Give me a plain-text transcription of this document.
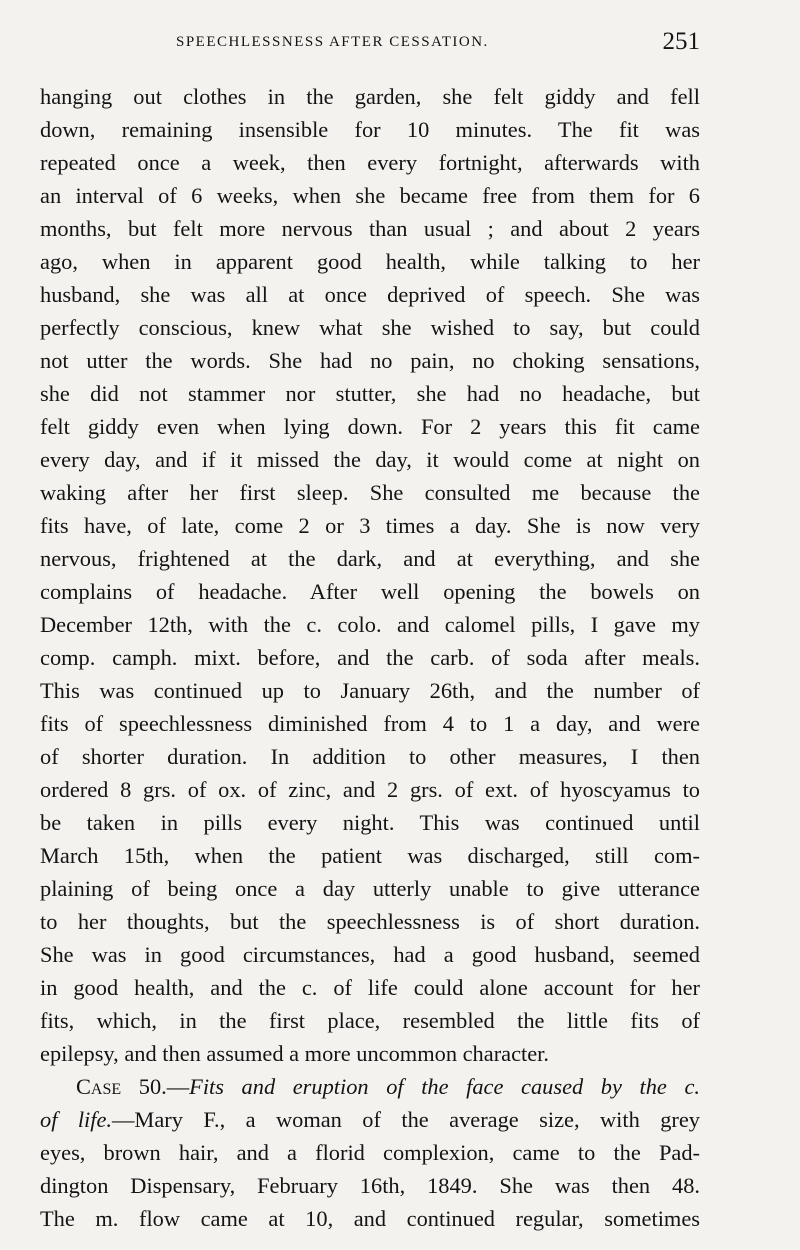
SPEECHLESSNESS AFTER CESSATION.	251
hanging out clothes in the garden, she felt giddy and fell
down, remaining insensible for 10 minutes. The fit was
repeated once a week, then every fortnight, afterwards with
an interval of 6 weeks, when she became free from them for 6
months, but felt more nervous than usual ; and about 2 years
ago, when in apparent good health, while talking to her
husband, she was all at once deprived of speech. She was
perfectly conscious, knew what she wished to say, but could
not utter the words. She had no pain, no choking sensations,
she did not stammer nor stutter, she had no headache, but
felt giddy even when lying down. For 2 years this fit came
every day, and if it missed the day, it would come at night on
waking after her first sleep. She consulted me because the
fits have, of late, come 2 or 3 times a day. She is now very
nervous, frightened at the dark, and at everything, and she
complains of headache. After well opening the bowels on
December 12th, with the c. colo. and calomel pills, I gave my
comp. camph. mixt. before, and the carb. of soda after meals.
This was continued up to January 26th, and the number of
fits of speechlessness diminished from 4 to 1 a day, and were
of shorter duration. In addition to other measures, I then
ordered 8 grs. of ox. of zinc, and 2 grs. of ext. of hyoscyamus to
be taken in pills every night. This was continued until
March 15th, when the patient was discharged, still com-
plaining of being once a day utterly unable to give utterance
to her thoughts, but the speechlessness is of short duration.
She was in good circumstances, had a good husband, seemed
in good health, and the c. of life could alone account for her
fits, which, in the first place, resembled the little fits of
epilepsy, and then assumed a more uncommon character.
Case 50.—Fits and eruption of the face caused by the c.
of life.—Mary F., a woman of the average size, with grey
eyes, brown hair, and a florid complexion, came to the Pad-
dington Dispensary, February 16th, 1849. She was then 48.
The m. flow came at 10, and continued regular, sometimes
